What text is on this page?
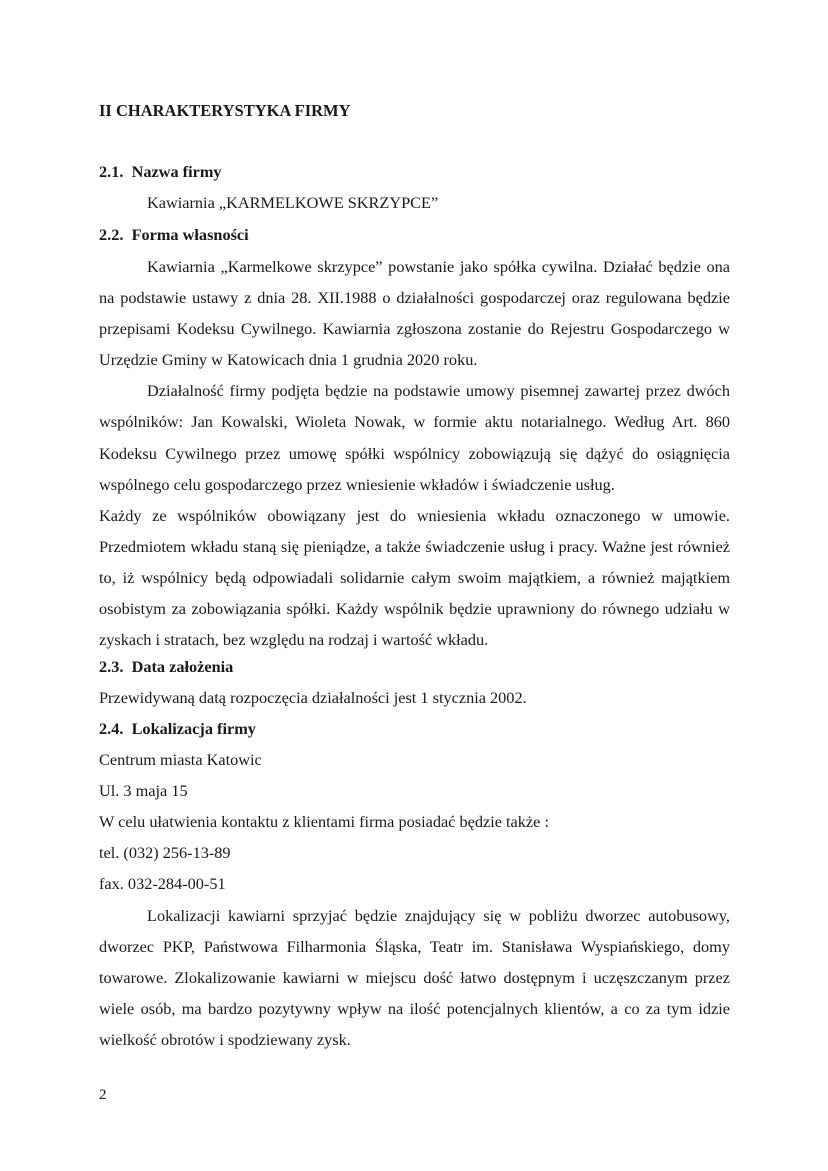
II CHARAKTERYSTYKA FIRMY
2.1. Nazwa firmy
Kawiarnia „KARMELKOWE SKRZYPCE”
2.2. Forma własności

Kawiarnia „Karmelkowe skrzypce” powstanie jako spółka cywilna. Działać będzie ona na podstawie ustawy z dnia 28. XII.1988 o działalności gospodarczej oraz regulowana będzie przepisami Kodeksu Cywilnego. Kawiarnia zgłoszona zostanie do Rejestru Gospodarczego w Urzędzie Gminy w Katowicach dnia 1 grudnia 2020 roku.

Działalność firmy podjęta będzie na podstawie umowy pisemnej zawartej przez dwóch wspólników: Jan Kowalski, Wioleta Nowak, w formie aktu notarialnego. Według Art. 860 Kodeksu Cywilnego przez umowę spółki wspólnicy zobowiązują się dążyć do osiągnięcia wspólnego celu gospodarczego przez wniesienie wkładów i świadczenie usług.

Każdy ze wspólników obowiązany jest do wniesienia wkładu oznaczonego w umowie. Przedmiotem wkładu staną się pieniądze, a także świadczenie usług i pracy. Ważne jest również to, iż wspólnicy będą odpowiadali solidarnie całym swoim majątkiem, a również majątkiem osobistym za zobowiązania spółki. Każdy wspólnik będzie uprawniony do równego udziału w zyskach i stratach, bez względu na rodzaj i wartość wkładu.

2.3. Data założenia
Przewidywaną datą rozpoczęcia działalności jest 1 stycznia 2002.
2.4. Lokalizacja firmy
Centrum miasta Katowic
Ul. 3 maja 15
W celu ułatwienia kontaktu z klientami firma posiadać będzie także :
tel. (032) 256-13-89
fax. 032-284-00-51

Lokalizacji kawiarni sprzyjać będzie znajdujący się w pobliżu dworzec autobusowy, dworzec PKP, Państwowa Filharmonia Śląska, Teatr im. Stanisława Wyspiańskiego, domy towarowe. Zlokalizowanie kawiarni w miejscu dość łatwo dostępnym i uczęszczanym przez wiele osób, ma bardzo pozytywny wpływ na ilość potencjalnych klientów, a co za tym idzie wielkość obrotów i spodziewany zysk.

2
